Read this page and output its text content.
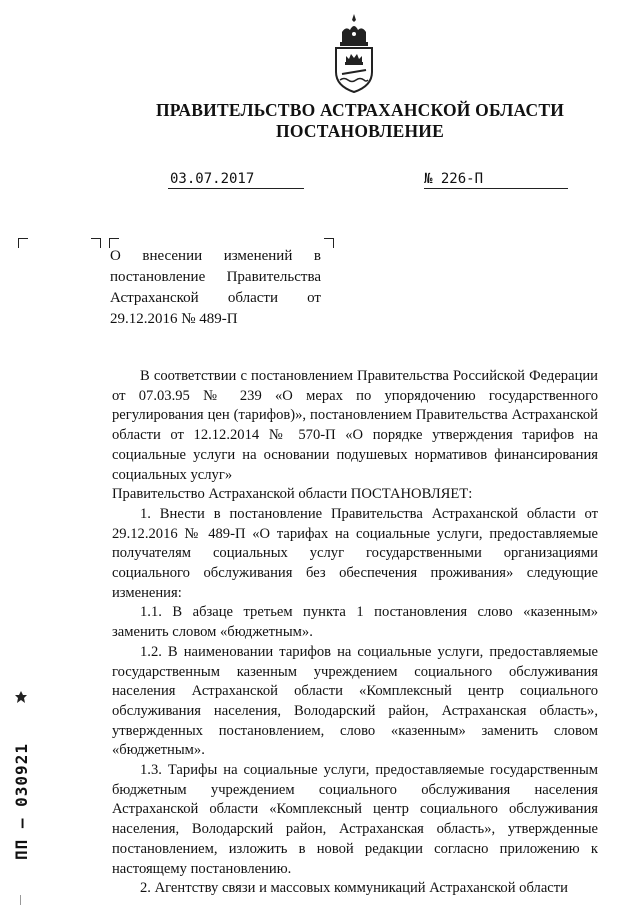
ПРАВИТЕЛЬСТВО АСТРАХАНСКОЙ ОБЛАСТИ
ПОСТАНОВЛЕНИЕ
03.07.2017	№ 226-П

О внесении изменений в постановление Правительства Астраханской области от 29.12.2016 № 489-П

В соответствии с постановлением Правительства Российской Федерации от 07.03.95 № 239 «О мерах по упорядочению государственного регулирования цен (тарифов)», постановлением Правительства Астраханской области от 12.12.2014 № 570-П «О порядке утверждения тарифов на социальные услуги на основании подушевых нормативов финансирования социальных услуг»

Правительство Астраханской области ПОСТАНОВЛЯЕТ:

1. Внести в постановление Правительства Астраханской области от 29.12.2016 № 489-П «О тарифах на социальные услуги, предоставляемые получателям социальных услуг государственными организациями социального обслуживания без обеспечения проживания» следующие изменения:

1.1. В абзаце третьем пункта 1 постановления слово «казенным» заменить словом «бюджетным».

1.2. В наименовании тарифов на социальные услуги, предоставляемые государственным казенным учреждением социального обслуживания населения Астраханской области «Комплексный центр социального обслуживания населения, Володарский район, Астраханская область», утвержденных постановлением, слово «казенным» заменить словом «бюджетным».

1.3. Тарифы на социальные услуги, предоставляемые государственным бюджетным учреждением социального обслуживания населения Астраханской области «Комплексный центр социального обслуживания населения, Володарский район, Астраханская область», утвержденные постановлением, изложить в новой редакции согласно приложению к настоящему постановлению.

2. Агентству связи и массовых коммуникаций Астраханской области

ПП – 030921
